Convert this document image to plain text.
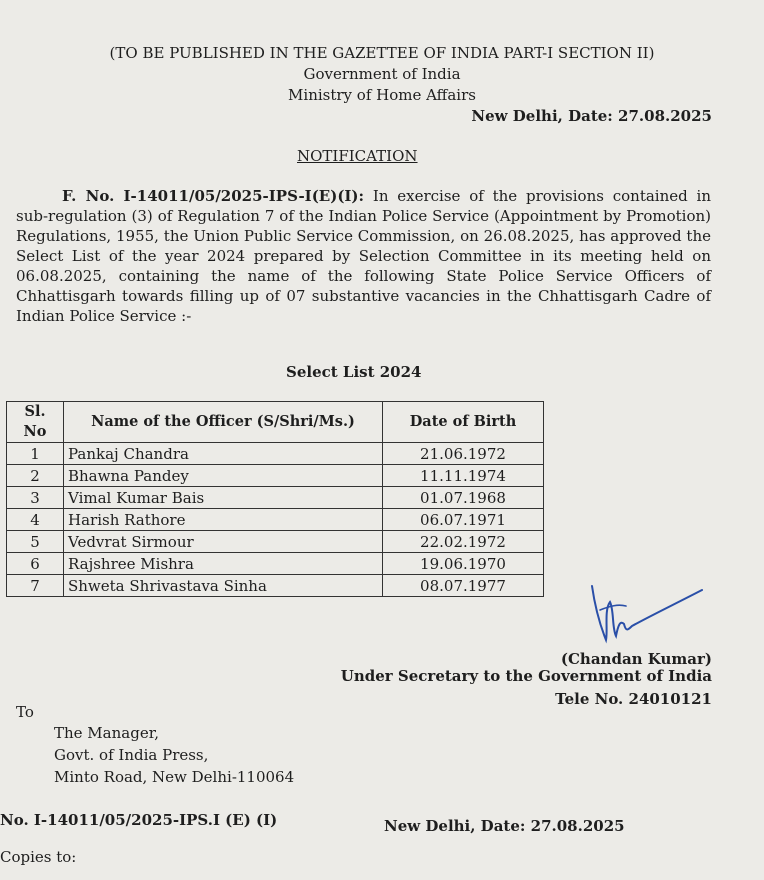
(TO BE PUBLISHED IN THE GAZETTEE OF INDIA PART-I SECTION II)
Government of India
Ministry of Home Affairs
New Delhi, Date: 27.08.2025
NOTIFICATION
F. No. I-14011/05/2025-IPS-I(E)(I): In exercise of the provisions contained in sub-regulation (3) of Regulation 7 of the Indian Police Service (Appointment by Promotion) Regulations, 1955, the Union Public Service Commission, on 26.08.2025, has approved the Select List of the year 2024 prepared by Selection Committee in its meeting held on 06.08.2025, containing the name of the following State Police Service Officers of Chhattisgarh towards filling up of 07 substantive vacancies in the Chhattisgarh Cadre of Indian Police Service :-
Select List 2024
Sl. No	Name of the Officer (S/Shri/Ms.)	Date of Birth
1	Pankaj Chandra	21.06.1972
2	Bhawna Pandey	11.11.1974
3	Vimal Kumar Bais	01.07.1968
4	Harish Rathore	06.07.1971
5	Vedvrat Sirmour	22.02.1972
6	Rajshree Mishra	19.06.1970
7	Shweta Shrivastava Sinha	08.07.1977
(Chandan Kumar)
Under Secretary to the Government of India
Tele No. 24010121
To
The Manager,
Govt. of India Press,
Minto Road, New Delhi-110064
No. I-14011/05/2025-IPS.I (E) (I)	New Delhi, Date: 27.08.2025
Copies to:
